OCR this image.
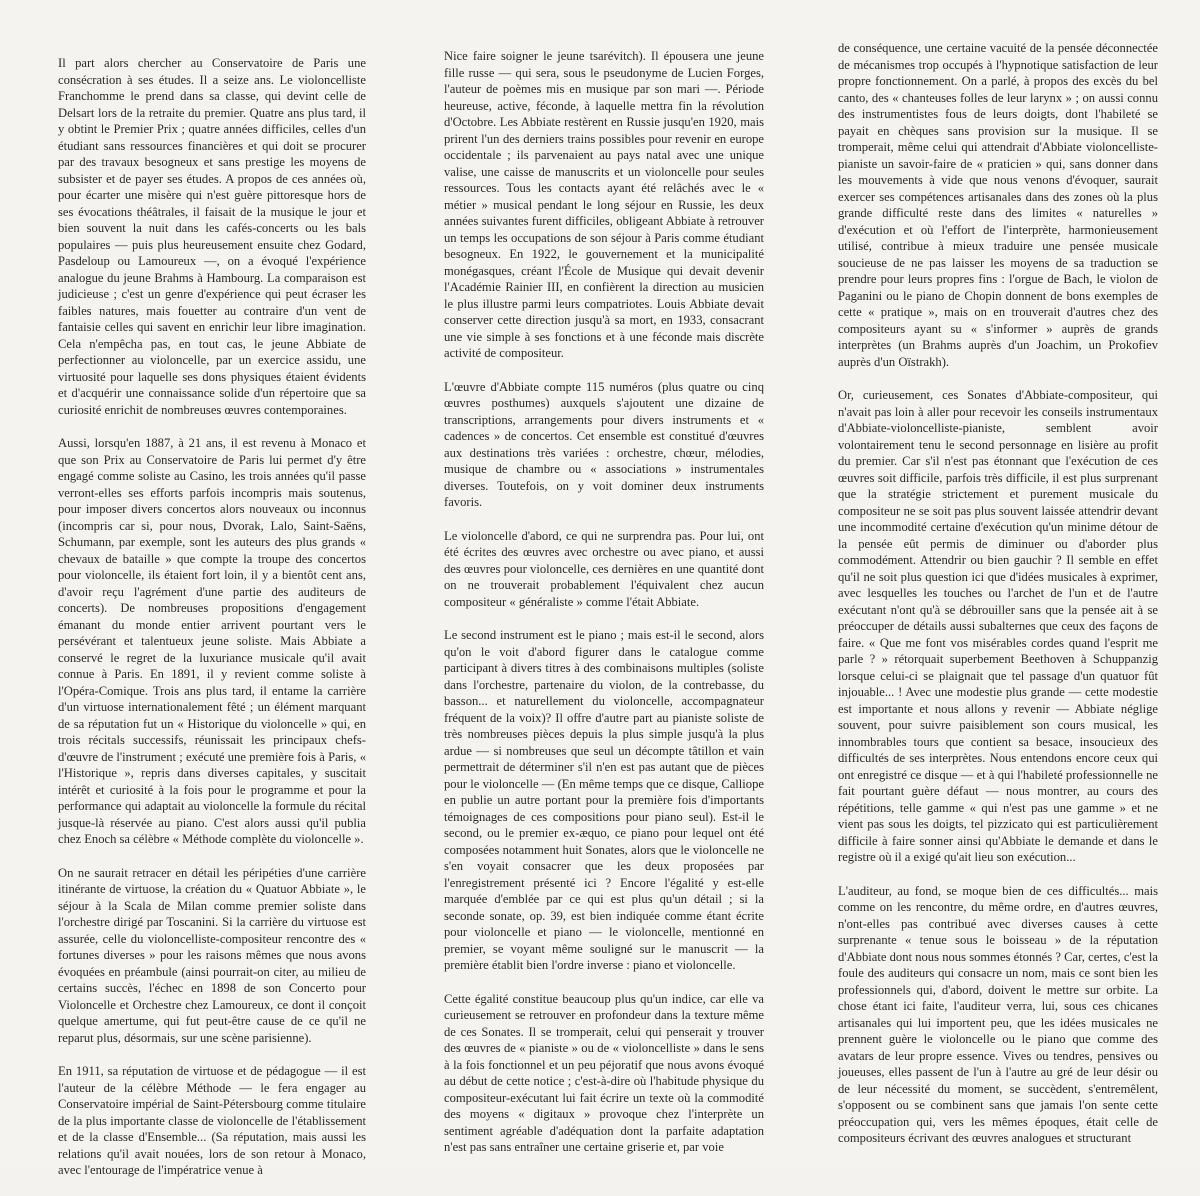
Il part alors chercher au Conservatoire de Paris une consécration à ses études. Il a seize ans. Le violoncelliste Franchomme le prend dans sa classe, qui devint celle de Delsart lors de la retraite du premier. Quatre ans plus tard, il y obtint le Premier Prix ; quatre années difficiles, celles d'un étudiant sans ressources financières et qui doit se procurer par des travaux besogneux et sans prestige les moyens de subsister et de payer ses études. A propos de ces années où, pour écarter une misère qui n'est guère pittoresque hors de ses évocations théâtrales, il faisait de la musique le jour et bien souvent la nuit dans les cafés-concerts ou les bals populaires — puis plus heureusement ensuite chez Godard, Pasdeloup ou Lamoureux —, on a évoqué l'expérience analogue du jeune Brahms à Hambourg. La comparaison est judicieuse ; c'est un genre d'expérience qui peut écraser les faibles natures, mais fouetter au contraire d'un vent de fantaisie celles qui savent en enrichir leur libre imagination. Cela n'empêcha pas, en tout cas, le jeune Abbiate de perfectionner au violoncelle, par un exercice assidu, une virtuosité pour laquelle ses dons physiques étaient évidents et d'acquérir une connaissance solide d'un répertoire que sa curiosité enrichit de nombreuses œuvres contemporaines.

Aussi, lorsqu'en 1887, à 21 ans, il est revenu à Monaco et que son Prix au Conservatoire de Paris lui permet d'y être engagé comme soliste au Casino, les trois années qu'il passe verront-elles ses efforts parfois incompris mais soutenus, pour imposer divers concertos alors nouveaux ou inconnus (incompris car si, pour nous, Dvorak, Lalo, Saint-Saëns, Schumann, par exemple, sont les auteurs des plus grands « chevaux de bataille » que compte la troupe des concertos pour violoncelle, ils étaient fort loin, il y a bientôt cent ans, d'avoir reçu l'agrément d'une partie des auditeurs de concerts). De nombreuses propositions d'engagement émanant du monde entier arrivent pourtant vers le persévérant et talentueux jeune soliste. Mais Abbiate a conservé le regret de la luxuriance musicale qu'il avait connue à Paris. En 1891, il y revient comme soliste à l'Opéra-Comique. Trois ans plus tard, il entame la carrière d'un virtuose internationalement fêté ; un élément marquant de sa réputation fut un « Historique du violoncelle » qui, en trois récitals successifs, réunissait les principaux chefs-d'œuvre de l'instrument ; exécuté une première fois à Paris, « l'Historique », repris dans diverses capitales, y suscitait intérêt et curiosité à la fois pour le programme et pour la performance qui adaptait au violoncelle la formule du récital jusque-là réservée au piano. C'est alors aussi qu'il publia chez Enoch sa célèbre « Méthode complète du violoncelle ».

On ne saurait retracer en détail les péripéties d'une carrière itinérante de virtuose, la création du « Quatuor Abbiate », le séjour à la Scala de Milan comme premier soliste dans l'orchestre dirigé par Toscanini. Si la carrière du virtuose est assurée, celle du violoncelliste-compositeur rencontre des « fortunes diverses » pour les raisons mêmes que nous avons évoquées en préambule (ainsi pourrait-on citer, au milieu de certains succès, l'échec en 1898 de son Concerto pour Violoncelle et Orchestre chez Lamoureux, ce dont il conçoit quelque amertume, qui fut peut-être cause de ce qu'il ne reparut plus, désormais, sur une scène parisienne).

En 1911, sa réputation de virtuose et de pédagogue — il est l'auteur de la célèbre Méthode — le fera engager au Conservatoire impérial de Saint-Pétersbourg comme titulaire de la plus importante classe de violoncelle de l'établissement et de la classe d'Ensemble... (Sa réputation, mais aussi les relations qu'il avait nouées, lors de son retour à Monaco, avec l'entourage de l'impératrice venue à

Nice faire soigner le jeune tsarévitch). Il épousera une jeune fille russe — qui sera, sous le pseudonyme de Lucien Forges, l'auteur de poèmes mis en musique par son mari —. Période heureuse, active, féconde, à laquelle mettra fin la révolution d'Octobre. Les Abbiate restèrent en Russie jusqu'en 1920, mais prirent l'un des derniers trains possibles pour revenir en europe occidentale ; ils parvenaient au pays natal avec une unique valise, une caisse de manuscrits et un violoncelle pour seules ressources. Tous les contacts ayant été relâchés avec le « métier » musical pendant le long séjour en Russie, les deux années suivantes furent difficiles, obligeant Abbiate à retrouver un temps les occupations de son séjour à Paris comme étudiant besogneux. En 1922, le gouvernement et la municipalité monégasques, créant l'École de Musique qui devait devenir l'Académie Rainier III, en confièrent la direction au musicien le plus illustre parmi leurs compatriotes. Louis Abbiate devait conserver cette direction jusqu'à sa mort, en 1933, consacrant une vie simple à ses fonctions et à une féconde mais discrète activité de compositeur.

L'œuvre d'Abbiate compte 115 numéros (plus quatre ou cinq œuvres posthumes) auxquels s'ajoutent une dizaine de transcriptions, arrangements pour divers instruments et « cadences » de concertos. Cet ensemble est constitué d'œuvres aux destinations très variées : orchestre, chœur, mélodies, musique de chambre ou « associations » instrumentales diverses. Toutefois, on y voit dominer deux instruments favoris.

Le violoncelle d'abord, ce qui ne surprendra pas. Pour lui, ont été écrites des œuvres avec orchestre ou avec piano, et aussi des œuvres pour violoncelle, ces dernières en une quantité dont on ne trouverait probablement l'équivalent chez aucun compositeur « généraliste » comme l'était Abbiate.

Le second instrument est le piano ; mais est-il le second, alors qu'on le voit d'abord figurer dans le catalogue comme participant à divers titres à des combinaisons multiples (soliste dans l'orchestre, partenaire du violon, de la contrebasse, du basson... et naturellement du violoncelle, accompagnateur fréquent de la voix)? Il offre d'autre part au pianiste soliste de très nombreuses pièces depuis la plus simple jusqu'à la plus ardue — si nombreuses que seul un décompte tâtillon et vain permettrait de déterminer s'il n'en est pas autant que de pièces pour le violoncelle — (En même temps que ce disque, Calliope en publie un autre portant pour la première fois d'importants témoignages de ces compositions pour piano seul). Est-il le second, ou le premier ex-æquo, ce piano pour lequel ont été composées notamment huit Sonates, alors que le violoncelle ne s'en voyait consacrer que les deux proposées par l'enregistrement présenté ici ? Encore l'égalité y est-elle marquée d'emblée par ce qui est plus qu'un détail ; si la seconde sonate, op. 39, est bien indiquée comme étant écrite pour violoncelle et piano — le violoncelle, mentionné en premier, se voyant même souligné sur le manuscrit — la première établit bien l'ordre inverse : piano et violoncelle.

Cette égalité constitue beaucoup plus qu'un indice, car elle va curieusement se retrouver en profondeur dans la texture même de ces Sonates. Il se tromperait, celui qui penserait y trouver des œuvres de « pianiste » ou de « violoncelliste » dans le sens à la fois fonctionnel et un peu péjoratif que nous avons évoqué au début de cette notice ; c'est-à-dire où l'habitude physique du compositeur-exécutant lui fait écrire un texte où la commodité des moyens « digitaux » provoque chez l'interprète un sentiment agréable d'adéquation dont la parfaite adaptation n'est pas sans entraîner une certaine griserie et, par voie

de conséquence, une certaine vacuité de la pensée déconnectée de mécanismes trop occupés à l'hypnotique satisfaction de leur propre fonctionnement. On a parlé, à propos des excès du bel canto, des « chanteuses folles de leur larynx » ; on aussi connu des instrumentistes fous de leurs doigts, dont l'habileté se payait en chèques sans provision sur la musique. Il se tromperait, même celui qui attendrait d'Abbiate violoncelliste-pianiste un savoir-faire de « praticien » qui, sans donner dans les mouvements à vide que nous venons d'évoquer, saurait exercer ses compétences artisanales dans des zones où la plus grande difficulté reste dans des limites « naturelles » d'exécution et où l'effort de l'interprète, harmonieusement utilisé, contribue à mieux traduire une pensée musicale soucieuse de ne pas laisser les moyens de sa traduction se prendre pour leurs propres fins : l'orgue de Bach, le violon de Paganini ou le piano de Chopin donnent de bons exemples de cette « pratique », mais on en trouverait d'autres chez des compositeurs ayant su « s'informer » auprès de grands interprètes (un Brahms auprès d'un Joachim, un Prokofiev auprès d'un Oïstrakh).

Or, curieusement, ces Sonates d'Abbiate-compositeur, qui n'avait pas loin à aller pour recevoir les conseils instrumentaux d'Abbiate-violoncelliste-pianiste, semblent avoir volontairement tenu le second personnage en lisière au profit du premier. Car s'il n'est pas étonnant que l'exécution de ces œuvres soit difficile, parfois très difficile, il est plus surprenant que la stratégie strictement et purement musicale du compositeur ne se soit pas plus souvent laissée attendrir devant une incommodité certaine d'exécution qu'un minime détour de la pensée eût permis de diminuer ou d'aborder plus commodément. Attendrir ou bien gauchir ? Il semble en effet qu'il ne soit plus question ici que d'idées musicales à exprimer, avec lesquelles les touches ou l'archet de l'un et de l'autre exécutant n'ont qu'à se débrouiller sans que la pensée ait à se préoccuper de détails aussi subalternes que ceux des façons de faire. « Que me font vos misérables cordes quand l'esprit me parle ? » rétorquait superbement Beethoven à Schuppanzig lorsque celui-ci se plaignait que tel passage d'un quatuor fût injouable... ! Avec une modestie plus grande — cette modestie est importante et nous allons y revenir — Abbiate néglige souvent, pour suivre paisiblement son cours musical, les innombrables tours que contient sa besace, insoucieux des difficultés de ses interprètes. Nous entendons encore ceux qui ont enregistré ce disque — et à qui l'habileté professionnelle ne fait pourtant guère défaut — nous montrer, au cours des répétitions, telle gamme « qui n'est pas une gamme » et ne vient pas sous les doigts, tel pizzicato qui est particulièrement difficile à faire sonner ainsi qu'Abbiate le demande et dans le registre où il a exigé qu'ait lieu son exécution...

L'auditeur, au fond, se moque bien de ces difficultés... mais comme on les rencontre, du même ordre, en d'autres œuvres, n'ont-elles pas contribué avec diverses causes à cette surprenante « tenue sous le boisseau » de la réputation d'Abbiate dont nous nous sommes étonnés ? Car, certes, c'est la foule des auditeurs qui consacre un nom, mais ce sont bien les professionnels qui, d'abord, doivent le mettre sur orbite. La chose étant ici faite, l'auditeur verra, lui, sous ces chicanes artisanales qui lui importent peu, que les idées musicales ne prennent guère le violoncelle ou le piano que comme des avatars de leur propre essence. Vives ou tendres, pensives ou joueuses, elles passent de l'un à l'autre au gré de leur désir ou de leur nécessité du moment, se succèdent, s'entremêlent, s'opposent ou se combinent sans que jamais l'on sente cette préoccupation qui, vers les mêmes époques, était celle de compositeurs écrivant des œuvres analogues et structurant
